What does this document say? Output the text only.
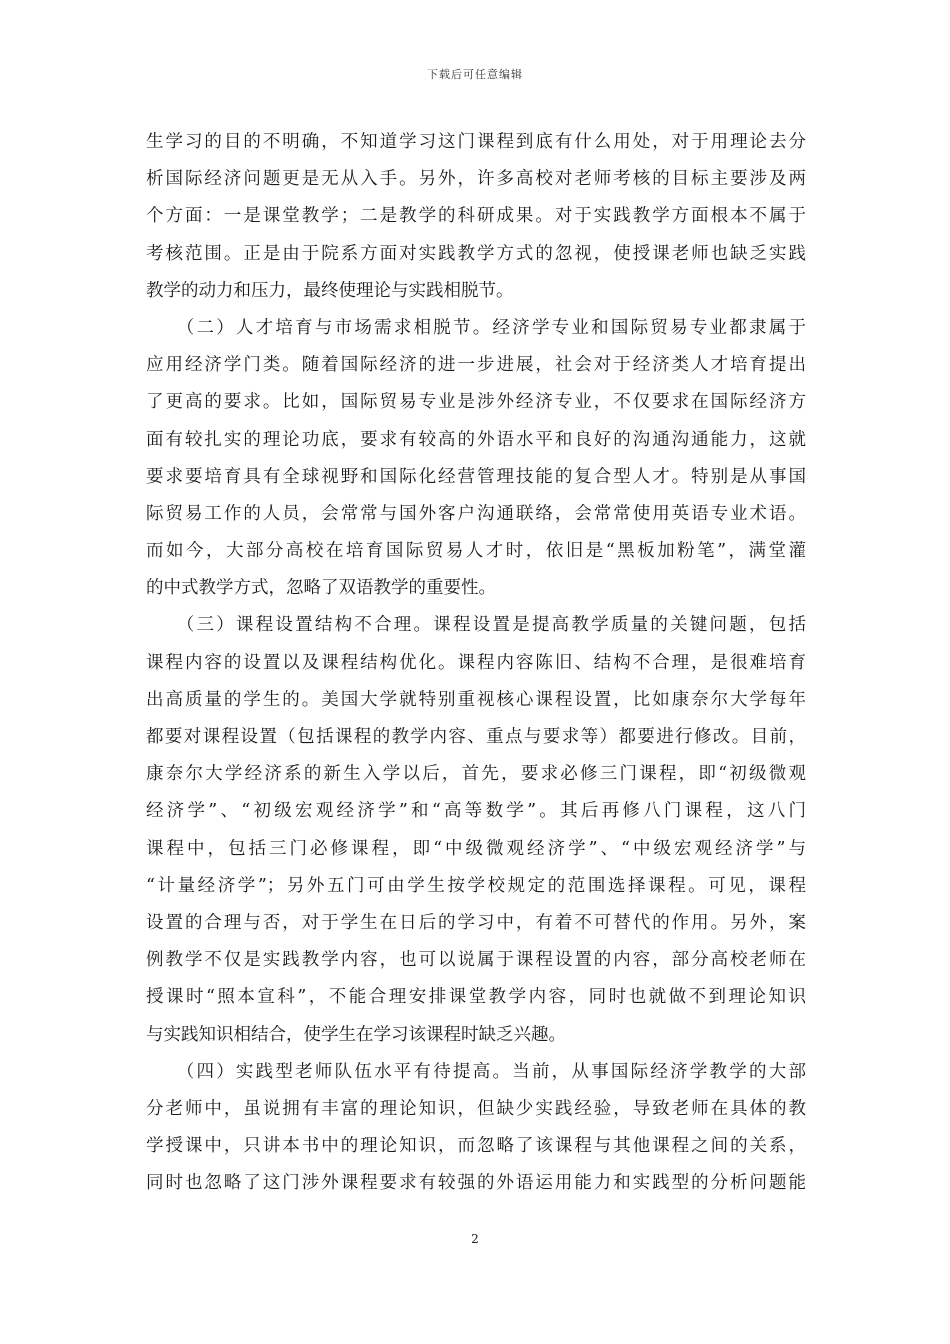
下载后可任意编辑
生学习的目的不明确，不知道学习这门课程到底有什么用处，对于用理论去分
析国际经济问题更是无从入手。另外，许多高校对老师考核的目标主要涉及两
个方面：一是课堂教学；二是教学的科研成果。对于实践教学方面根本不属于
考核范围。正是由于院系方面对实践教学方式的忽视，使授课老师也缺乏实践
教学的动力和压力，最终使理论与实践相脱节。
　　（二）人才培育与市场需求相脱节。经济学专业和国际贸易专业都隶属于
应用经济学门类。随着国际经济的进一步进展，社会对于经济类人才培育提出
了更高的要求。比如，国际贸易专业是涉外经济专业，不仅要求在国际经济方
面有较扎实的理论功底，要求有较高的外语水平和良好的沟通沟通能力，这就
要求要培育具有全球视野和国际化经营管理技能的复合型人才。特别是从事国
际贸易工作的人员，会常常与国外客户沟通联络，会常常使用英语专业术语。
而如今，大部分高校在培育国际贸易人才时，依旧是“黑板加粉笔”，满堂灌
的中式教学方式，忽略了双语教学的重要性。
　　（三）课程设置结构不合理。课程设置是提高教学质量的关键问题，包括
课程内容的设置以及课程结构优化。课程内容陈旧、结构不合理，是很难培育
出高质量的学生的。美国大学就特别重视核心课程设置，比如康奈尔大学每年
都要对课程设置（包括课程的教学内容、重点与要求等）都要进行修改。目前，
康奈尔大学经济系的新生入学以后，首先，要求必修三门课程，即“初级微观
经济学”、“初级宏观经济学”和“高等数学”。其后再修八门课程，这八门
课程中，包括三门必修课程，即“中级微观经济学”、“中级宏观经济学”与
“计量经济学”；另外五门可由学生按学校规定的范围选择课程。可见，课程
设置的合理与否，对于学生在日后的学习中，有着不可替代的作用。另外，案
例教学不仅是实践教学内容，也可以说属于课程设置的内容，部分高校老师在
授课时“照本宣科”，不能合理安排课堂教学内容，同时也就做不到理论知识
与实践知识相结合，使学生在学习该课程时缺乏兴趣。
　　（四）实践型老师队伍水平有待提高。当前，从事国际经济学教学的大部
分老师中，虽说拥有丰富的理论知识，但缺少实践经验，导致老师在具体的教
学授课中，只讲本书中的理论知识，而忽略了该课程与其他课程之间的关系，
同时也忽略了这门涉外课程要求有较强的外语运用能力和实践型的分析问题能
2
